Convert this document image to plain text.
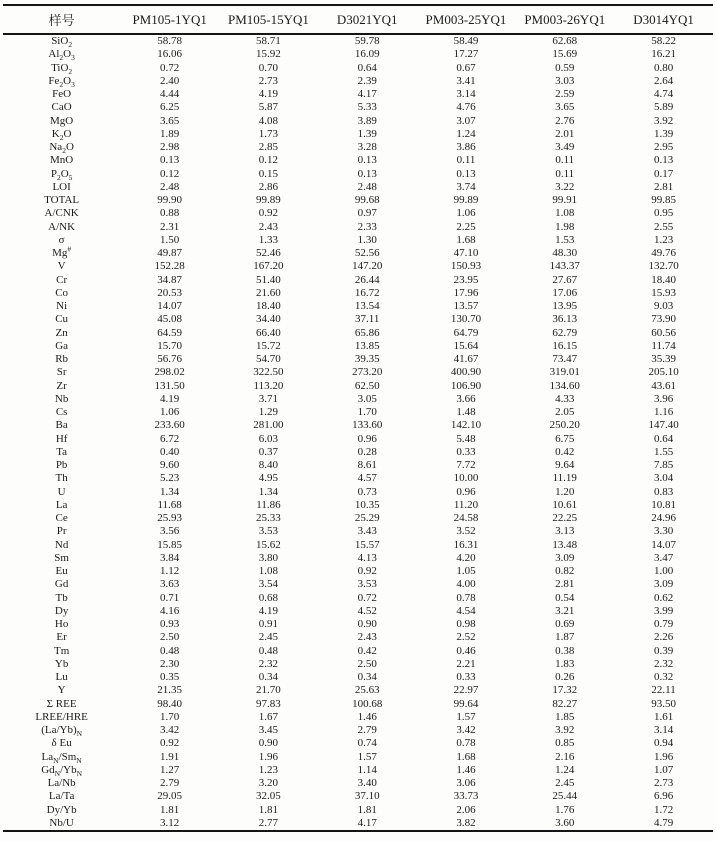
样号	PM105-1YQ1	PM105-15YQ1	D3021YQ1	PM003-25YQ1	PM003-26YQ1	D3014YQ1
SiO$_2$	58.78	58.71	59.78	58.49	62.68	58.22
$Al_2O_3$	16.06	15.92	16.09	17.27	15.69	16.21
TiO$_2$	0.72	0.70	0.64	0.67	0.59	0.80
$Fe_2O_3$	2.40	2.73	2.39	3.41	3.03	2.64
FeO	4.44	4.19	4.17	3.14	2.59	4.74
CaO	6.25	5.87	5.33	4.76	3.65	5.89
MgO	3.65	4.08	3.89	3.07	2.76	3.92
$K_2O$	1.89	1.73	1.39	1.24	2.01	1.39
$Na_2O$	2.98	2.85	3.28	3.86	3.49	2.95
MnO	0.13	0.12	0.13	0.11	0.11	0.13
$P_2O_5$	0.12	0.15	0.13	0.13	0.11	0.17
LOI	2.48	2.86	2.48	3.74	3.22	2.81
TOTAL	99.90	99.89	99.68	99.89	99.91	99.85
A/CNK	0.88	0.92	0.97	1.06	1.08	0.95
A/NK	2.31	2.43	2.33	2.25	1.98	2.55
σ	1.50	1.33	1.30	1.68	1.53	1.23
Mg#	49.87	52.46	52.56	47.10	48.30	49.76
V	152.28	167.20	147.20	150.93	143.37	132.70
Cr	34.87	51.40	26.44	23.95	27.67	18.40
Co	20.53	21.60	16.72	17.96	17.06	15.93
Ni	14.07	18.40	13.54	13.57	13.95	9.03
Cu	45.08	34.40	37.11	130.70	36.13	73.90
Zn	64.59	66.40	65.86	64.79	62.79	60.56
Ga	15.70	15.72	13.85	15.64	16.15	11.74
Rb	56.76	54.70	39.35	41.67	73.47	35.39
Sr	298.02	322.50	273.20	400.90	319.01	205.10
Zr	131.50	113.20	62.50	106.90	134.60	43.61
Nb	4.19	3.71	3.05	3.66	4.33	3.96
Cs	1.06	1.29	1.70	1.48	2.05	1.16
Ba	233.60	281.00	133.60	142.10	250.20	147.40
Hf	6.72	6.03	0.96	5.48	6.75	0.64
Ta	0.40	0.37	0.28	0.33	0.42	1.55
Pb	9.60	8.40	8.61	7.72	9.64	7.85
Th	5.23	4.95	4.57	10.00	11.19	3.04
U	1.34	1.34	0.73	0.96	1.20	0.83
La	11.68	11.86	10.35	11.20	10.61	10.81
Ce	25.93	25.33	25.29	24.58	22.25	24.96
Pr	3.56	3.53	3.43	3.52	3.13	3.30
Nd	15.85	15.62	15.57	16.31	13.48	14.07
Sm	3.84	3.80	4.13	4.20	3.09	3.47
Eu	1.12	1.08	0.92	1.05	0.82	1.00
Gd	3.63	3.54	3.53	4.00	2.81	3.09
Tb	0.71	0.68	0.72	0.78	0.54	0.62
Dy	4.16	4.19	4.52	4.54	3.21	3.99
Ho	0.93	0.91	0.90	0.98	0.69	0.79
Er	2.50	2.45	2.43	2.52	1.87	2.26
Tm	0.48	0.48	0.42	0.46	0.38	0.39
Yb	2.30	2.32	2.50	2.21	1.83	2.32
Lu	0.35	0.34	0.34	0.33	0.26	0.32
Y	21.35	21.70	25.63	22.97	17.32	22.11
Σ REE	98.40	97.83	100.68	99.64	82.27	93.50
LREE/HRE	1.70	1.67	1.46	1.57	1.85	1.61
$(La/Yb)_N$	3.42	3.45	2.79	3.42	3.92	3.14
δ Eu	0.92	0.90	0.74	0.78	0.85	0.94
$La_N/Sm_N$	1.91	1.96	1.57	1.68	2.16	1.96
$Gd_N/Yb_N$	1.27	1.23	1.14	1.46	1.24	1.07
La/Nb	2.79	3.20	3.40	3.06	2.45	2.73
La/Ta	29.05	32.05	37.10	33.73	25.44	6.96
Dy/Yb	1.81	1.81	1.81	2.06	1.76	1.72
Nb/U	3.12	2.77	4.17	3.82	3.60	4.79
